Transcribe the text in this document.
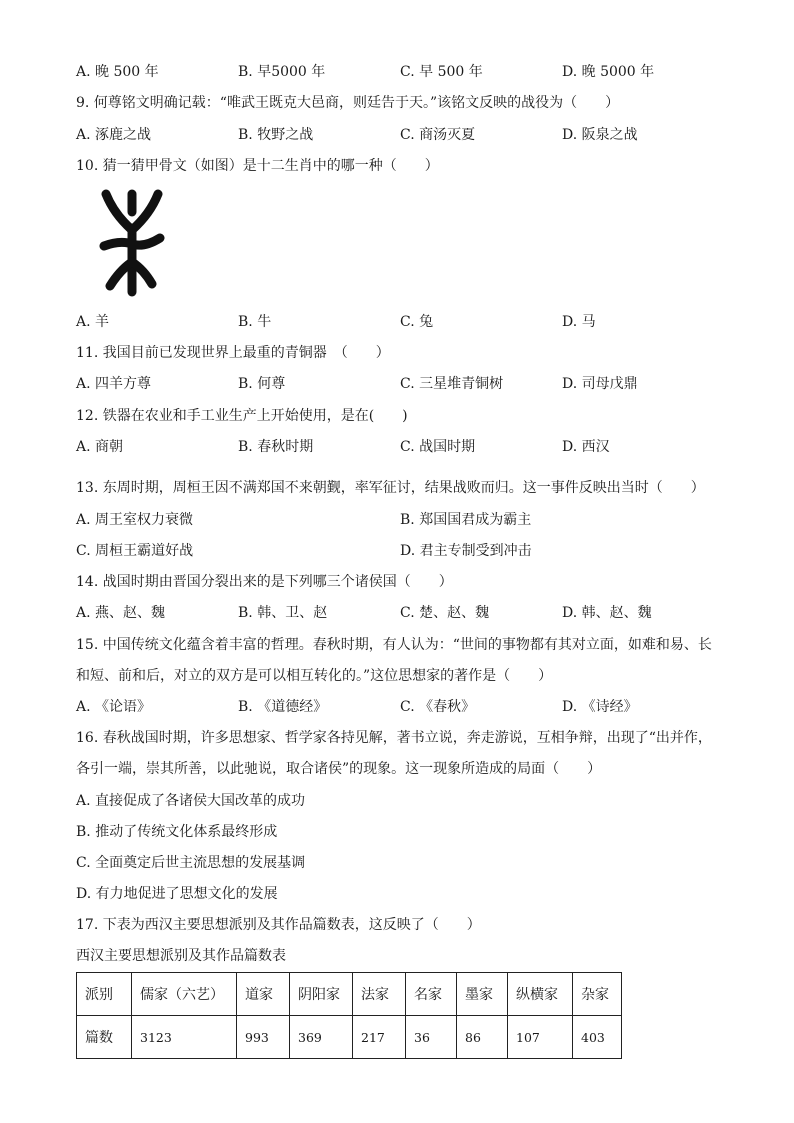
A. 晚 500 年	B. 早5000 年	C. 早 500 年	D. 晚 5000 年
9. 何尊铭文明确记载：“唯武王既克大邑商，则廷告于天。”该铭文反映的战役为（　　）
A. 涿鹿之战	B. 牧野之战	C. 商汤灭夏	D. 阪泉之战
10. 猜一猜甲骨文（如图）是十二生肖中的哪一种（　　）
A. 羊	B. 牛	C. 兔	D. 马
11. 我国目前已发现世界上最重的青铜器　（　　）
A. 四羊方尊	B. 何尊	C. 三星堆青铜树	D. 司母戊鼎
12. 铁器在农业和手工业生产上开始使用，是在(　　)
A. 商朝	B. 春秋时期	C. 战国时期	D. 西汉
13. 东周时期，周桓王因不满郑国不来朝觐，率军征讨，结果战败而归。这一事件反映出当时（　　）
A. 周王室权力衰微	B. 郑国国君成为霸主
C. 周桓王霸道好战	D. 君主专制受到冲击
14. 战国时期由晋国分裂出来的是下列哪三个诸侯国（　　）
A. 燕、赵、魏	B. 韩、卫、赵	C. 楚、赵、魏	D. 韩、赵、魏
15. 中国传统文化蕴含着丰富的哲理。春秋时期，有人认为：“世间的事物都有其对立面，如难和易、长
和短、前和后，对立的双方是可以相互转化的。”这位思想家的著作是（　　）
A. 《论语》	B. 《道德经》	C. 《春秋》	D. 《诗经》
16. 春秋战国时期，许多思想家、哲学家各持见解，著书立说，奔走游说，互相争辩，出现了“出并作，
各引一端，崇其所善，以此驰说，取合诸侯”的现象。这一现象所造成的局面（　　）
A. 直接促成了各诸侯大国改革的成功
B. 推动了传统文化体系最终形成
C. 全面奠定后世主流思想的发展基调
D. 有力地促进了思想文化的发展
17. 下表为西汉主要思想派别及其作品篇数表，这反映了（　　）
西汉主要思想派别及其作品篇数表
派别	儒家（六艺）	道家	阴阳家	法家	名家	墨家	纵横家	杂家
篇数	3123	993	369	217	36	86	107	403
